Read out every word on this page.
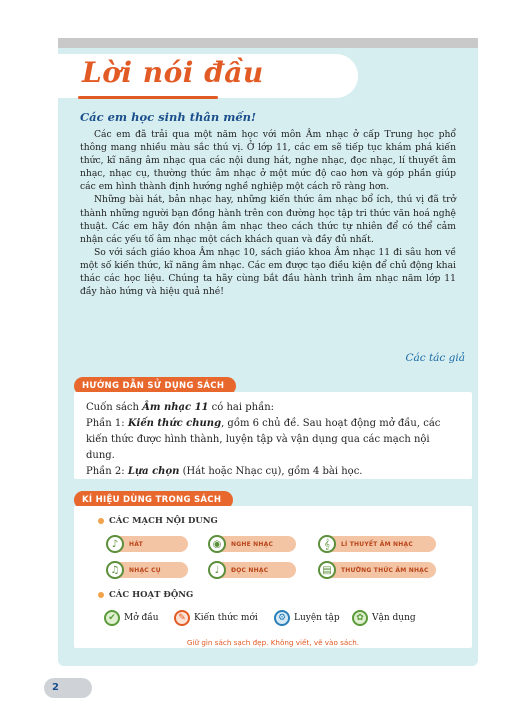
Lời nói đầu
Các em học sinh thân mến!

Các em đã trải qua một năm học với môn Âm nhạc ở cấp Trung học phổ thông mang nhiều màu sắc thú vị. Ở lớp 11, các em sẽ tiếp tục khám phá kiến thức, kĩ năng âm nhạc qua các nội dung hát, nghe nhạc, đọc nhạc, lí thuyết âm nhạc, nhạc cụ, thường thức âm nhạc ở một mức độ cao hơn và góp phần giúp các em hình thành định hướng nghề nghiệp một cách rõ ràng hơn.

Những bài hát, bản nhạc hay, những kiến thức âm nhạc bổ ích, thú vị đã trở thành những người bạn đồng hành trên con đường học tập tri thức văn hoá nghệ thuật. Các em hãy đón nhận âm nhạc theo cách thức tự nhiên để có thể cảm nhận các yếu tố âm nhạc một cách khách quan và đầy đủ nhất.

So với sách giáo khoa Âm nhạc 10, sách giáo khoa Âm nhạc 11 đi sâu hơn về một số kiến thức, kĩ năng âm nhạc. Các em được tạo điều kiện để chủ động khai thác các học liệu. Chúng ta hãy cùng bắt đầu hành trình âm nhạc năm lớp 11 đầy hào hứng và hiệu quả nhé!

Các tác giả
HƯỚNG DẪN SỬ DỤNG SÁCH
Cuốn sách Âm nhạc 11 có hai phần:
Phần 1: Kiến thức chung, gồm 6 chủ đề. Sau hoạt động mở đầu, các kiến thức được hình thành, luyện tập và vận dụng qua các mạch nội dung.
Phần 2: Lựa chọn (Hát hoặc Nhạc cụ), gồm 4 bài học.
KÍ HIỆU DÙNG TRONG SÁCH
CÁC MẠCH NỘI DUNG
♪	HÁT	◉	NGHE NHẠC	𝄞	LÍ THUYẾT ÂM NHẠC
♫	NHẠC CỤ	♩	ĐỌC NHẠC	▤	THƯỜNG THỨC ÂM NHẠC
CÁC HOẠT ĐỘNG
✔ Mở đầu	✎ Kiến thức mới	⚙ Luyện tập	✿ Vận dụng
Giữ gìn sách sạch đẹp. Không viết, vẽ vào sách.
2
